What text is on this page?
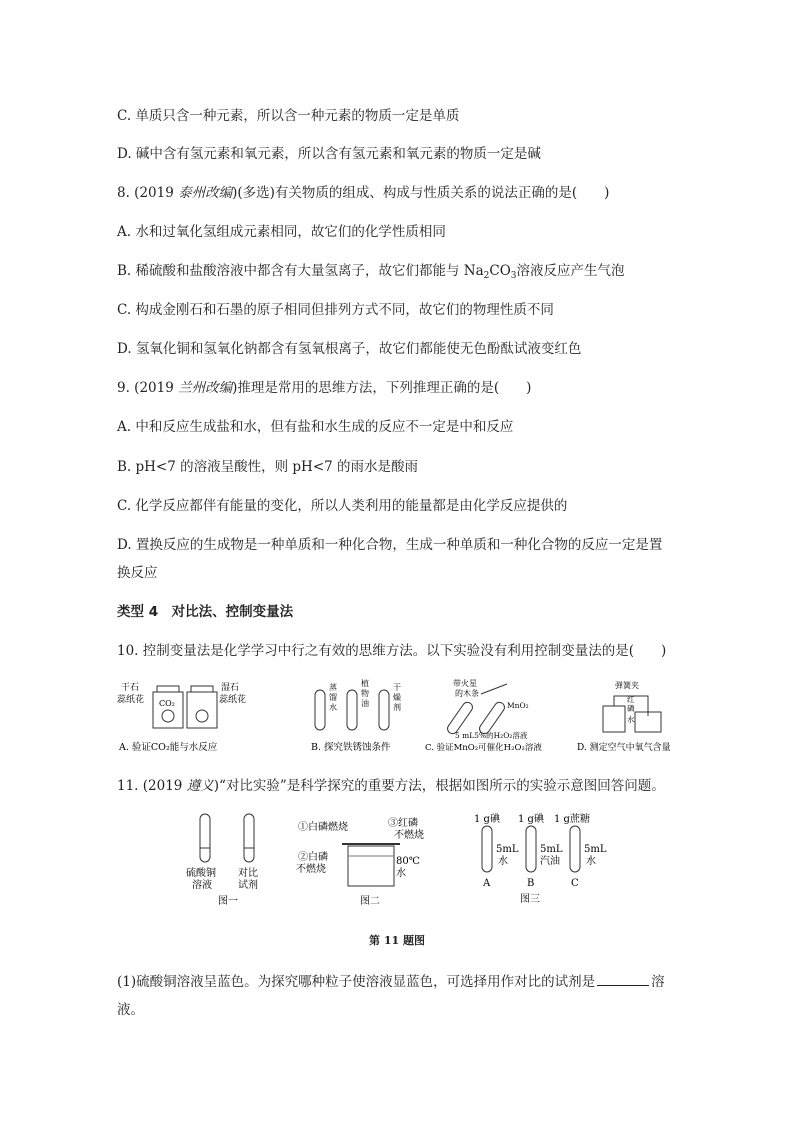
C. 单质只含一种元素，所以含一种元素的物质一定是单质
D. 碱中含有氢元素和氧元素，所以含有氢元素和氧元素的物质一定是碱
8. (2019 泰州改编)(多选)有关物质的组成、构成与性质关系的说法正确的是(　　)
A. 水和过氧化氢组成元素相同，故它们的化学性质相同
B. 稀硫酸和盐酸溶液中都含有大量氢离子，故它们都能与 $Na_2CO_3$溶液反应产生气泡
C. 构成金刚石和石墨的原子相同但排列方式不同，故它们的物理性质不同
D. 氢氧化铜和氢氧化钠都含有氢氧根离子，故它们都能使无色酚酞试液变红色
9. (2019 兰州改编)推理是常用的思维方法，下列推理正确的是(　　)
A. 中和反应生成盐和水，但有盐和水生成的反应不一定是中和反应
B. pH<7 的溶液呈酸性，则 pH<7 的雨水是酸雨
C. 化学反应都伴有能量的变化，所以人类利用的能量都是由化学反应提供的
D. 置换反应的生成物是一种单质和一种化合物，生成一种单质和一种化合物的反应一定是置
换反应
类型 4　对比法、控制变量法
10. 控制变量法是化学学习中行之有效的思维方法。以下实验没有利用控制变量法的是(　　)
干石
蕊纸花 CO₂
湿石
蕊纸花
A. 验证CO₂能与水反应
蒸
馏
水
植
物
油
干
燥
剂
B. 探究铁锈蚀条件
带火星
的木条
MnO₂
5 mL5%的H₂O₂溶液
C. 验证MnO₂可催化H₂O₂溶液
弹簧夹
红
磷
水
D. 测定空气中氧气含量
11. (2019 遵义)“对比实验”是科学探究的重要方法，根据如图所示的实验示意图回答问题。
硫酸铜
溶液
对比
试剂
图一
①白磷燃烧	③红磷
不燃烧
②白磷
不燃烧
80℃
水
图二
1 g碘 1 g碘 1 g蔗糖
5mL
水
5mL
汽油
5mL
水
A	B	C
图三
第 11 题图
(1)硫酸铜溶液呈蓝色。为探究哪种粒子使溶液显蓝色，可选择用作对比的试剂是	溶
液。
